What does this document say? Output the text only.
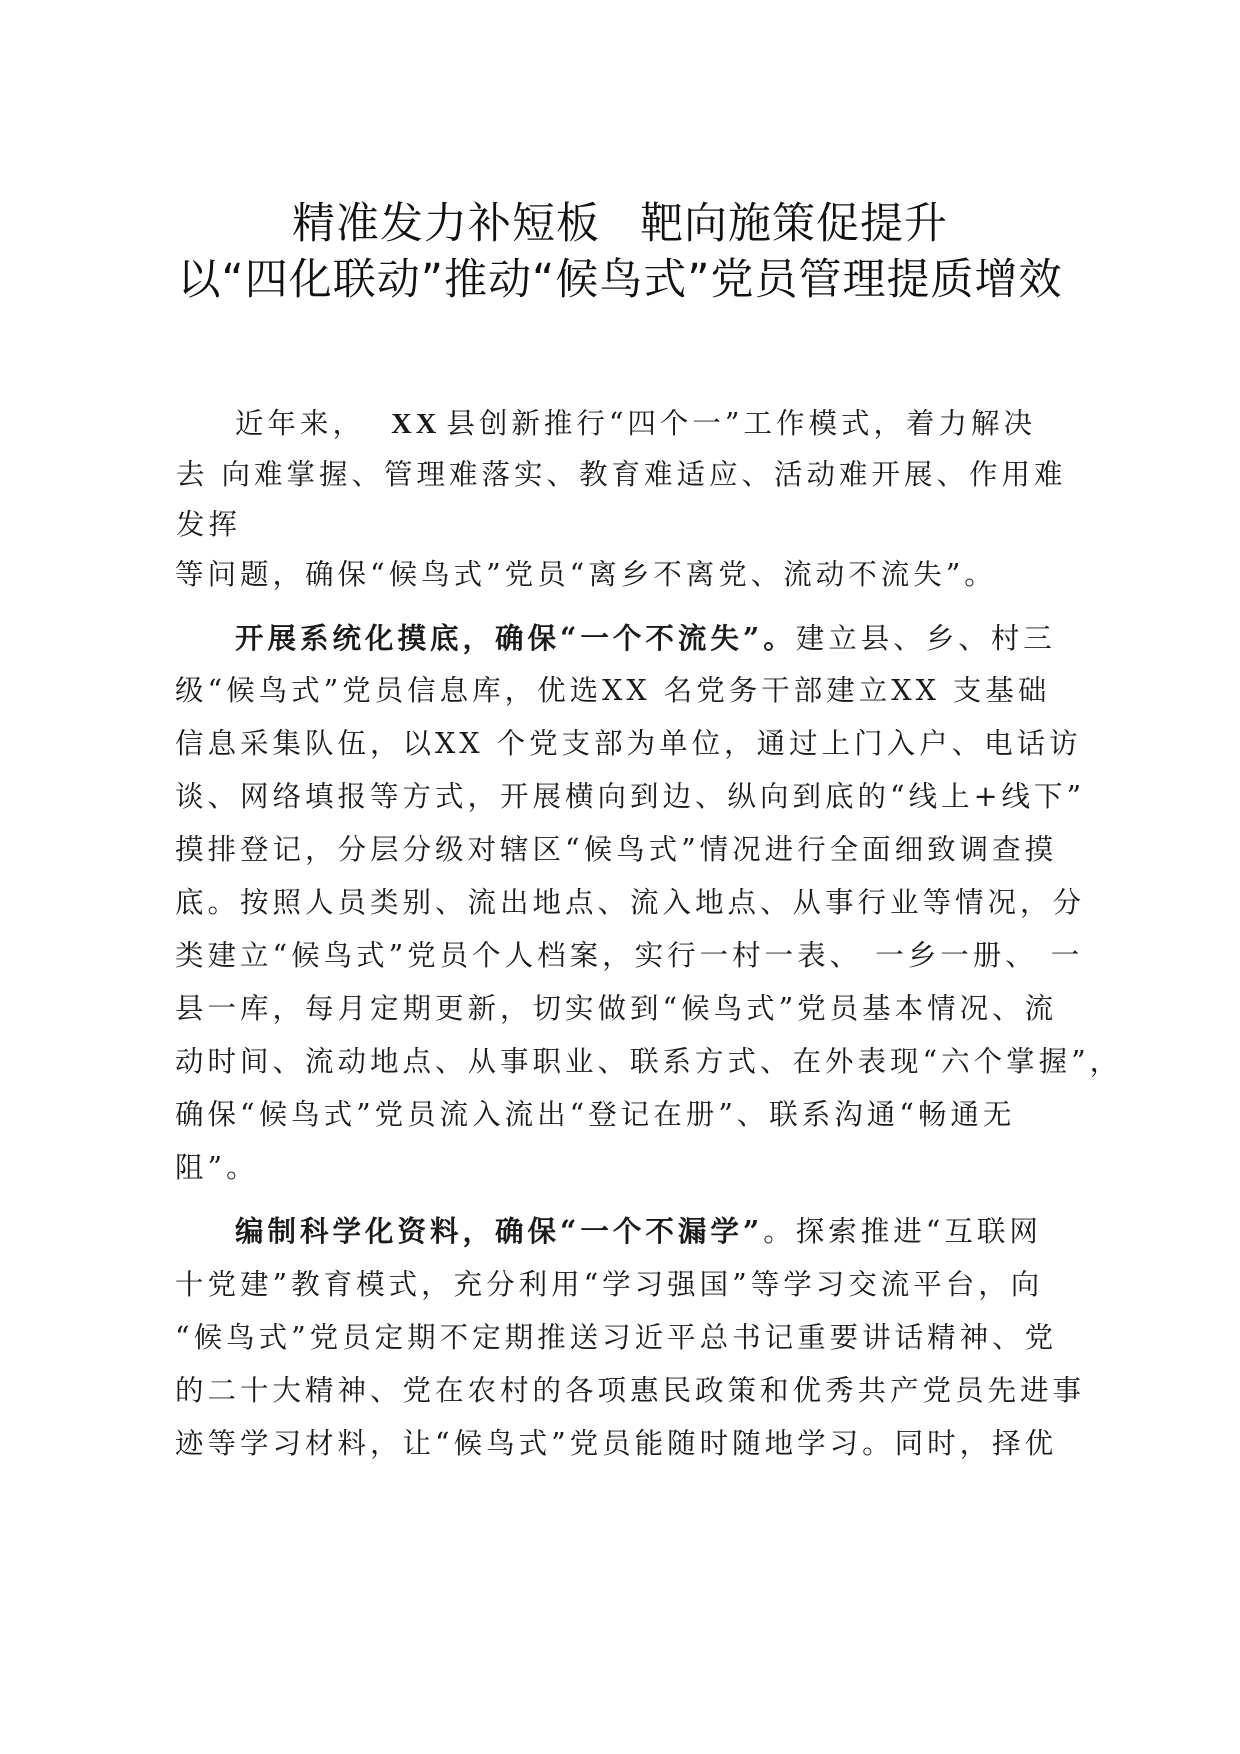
精准发力补短板 靶向施策促提升
以“四化联动”推动“候鸟式”党员管理提质增效
近年来， XX 县创新推行“四个一”工作模式，着力解决
去 向难掌握、管理难落实、教育难适应、活动难开展、作用难
发挥
等问题，确保“候鸟式”党员“离乡不离党、流动不流失”。
开展系统化摸底，确保“一个不流失”。建立县、乡、村三
级“候鸟式”党员信息库，优选XX 名党务干部建立XX 支基础
信息采集队伍，以XX 个党支部为单位，通过上门入户、电话访
谈、网络填报等方式，开展横向到边、纵向到底的“线上+线下”
摸排登记，分层分级对辖区“候鸟式”情况进行全面细致调查摸
底。按照人员类别、流出地点、流入地点、从事行业等情况，分
类建立“候鸟式”党员个人档案，实行一村一表、 一乡一册、 一
县一库，每月定期更新，切实做到“候鸟式”党员基本情况、流
动时间、流动地点、从事职业、联系方式、在外表现“六个掌握”，
确保“候鸟式”党员流入流出“登记在册”、联系沟通“畅通无
阻”。
编制科学化资料，确保“一个不漏学”。探索推进“互联网
十党建”教育模式，充分利用“学习强国”等学习交流平台，向
“候鸟式”党员定期不定期推送习近平总书记重要讲话精神、党
的二十大精神、党在农村的各项惠民政策和优秀共产党员先进事
迹等学习材料，让“候鸟式”党员能随时随地学习。同时，择优
